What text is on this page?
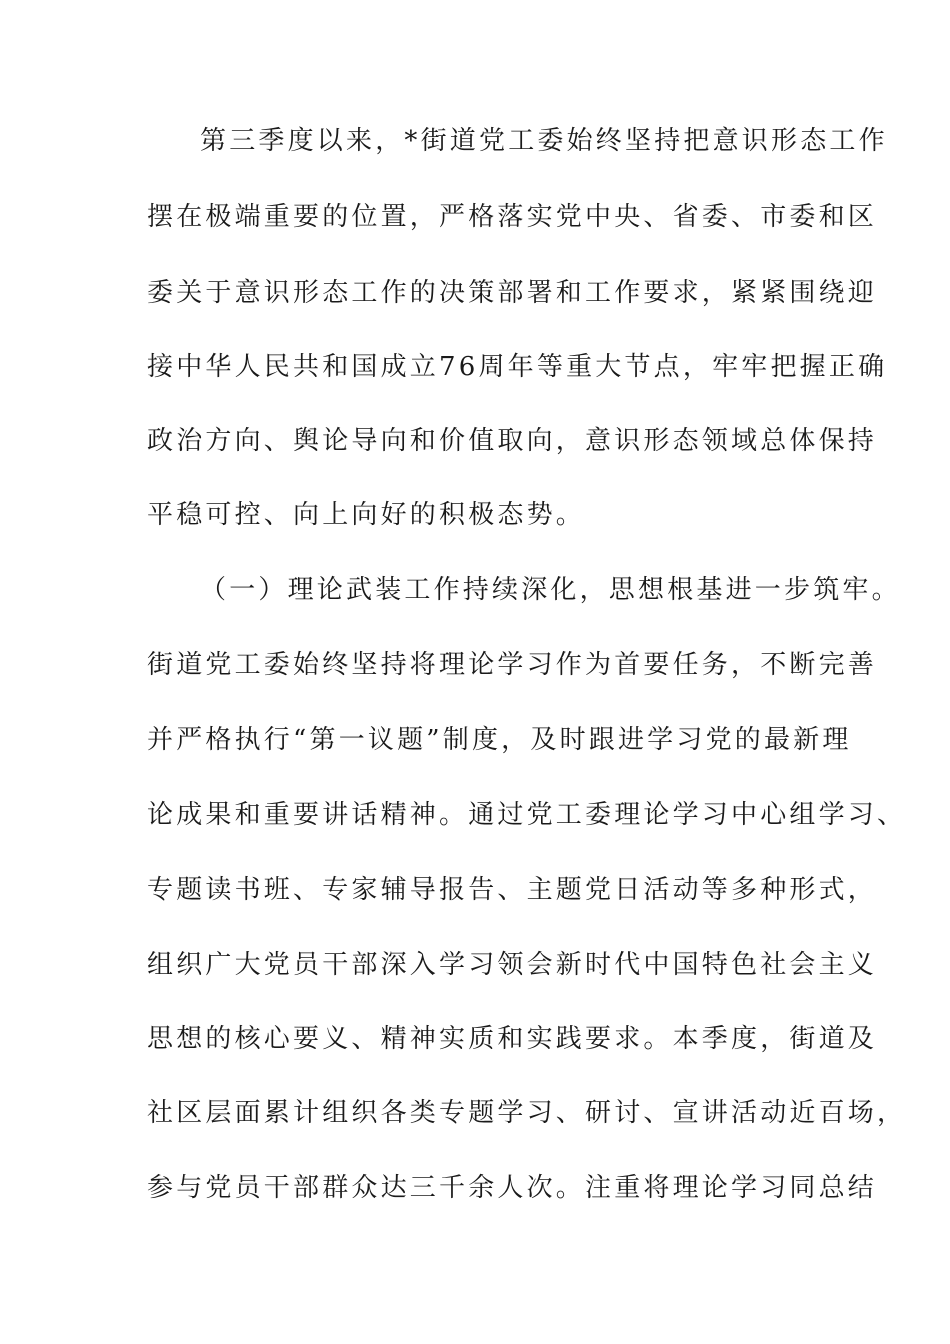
第三季度以来，*街道党工委始终坚持把意识形态工作
摆在极端重要的位置，严格落实党中央、省委、市委和区
委关于意识形态工作的决策部署和工作要求，紧紧围绕迎
接中华人民共和国成立76周年等重大节点，牢牢把握正确
政治方向、舆论导向和价值取向，意识形态领域总体保持
平稳可控、向上向好的积极态势。
（一）理论武装工作持续深化，思想根基进一步筑牢。
街道党工委始终坚持将理论学习作为首要任务，不断完善
并严格执行“第一议题”制度，及时跟进学习党的最新理
论成果和重要讲话精神。通过党工委理论学习中心组学习、
专题读书班、专家辅导报告、主题党日活动等多种形式，
组织广大党员干部深入学习领会新时代中国特色社会主义
思想的核心要义、精神实质和实践要求。本季度，街道及
社区层面累计组织各类专题学习、研讨、宣讲活动近百场，
参与党员干部群众达三千余人次。注重将理论学习同总结
